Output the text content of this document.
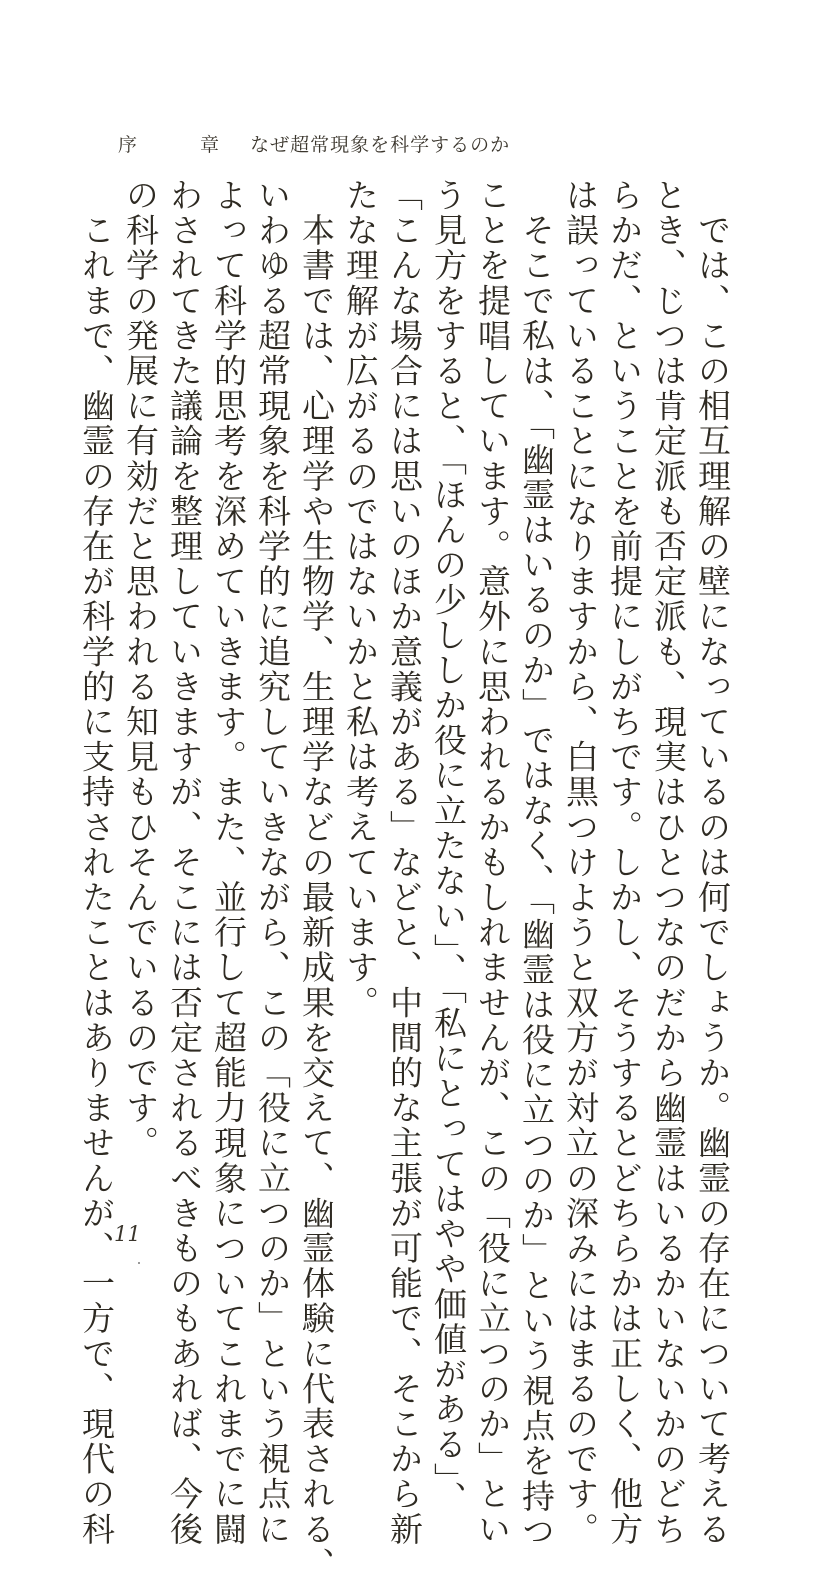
序　章 なぜ超常現象を科学するのか
　では、この相互理解の壁になっているのは何でしょうか。幽霊の存在について考える
とき、じつは肯定派も否定派も、現実はひとつなのだから幽霊はいるかいないかのどち
らかだ、ということを前提にしがちです。しかし、そうするとどちらかは正しく、他方
は誤っていることになりますから、白黒つけようと双方が対立の深みにはまるのです。
　そこで私は、「幽霊はいるのか」ではなく、「幽霊は役に立つのか」という視点を持つ
ことを提唱しています。意外に思われるかもしれませんが、この「役に立つのか」とい
う見方をすると、「ほんの少ししか役に立たない」、「私にとってはやや価値がある」、
「こんな場合には思いのほか意義がある」などと、中間的な主張が可能で、そこから新
たな理解が広がるのではないかと私は考えています。
　本書では、心理学や生物学、生理学などの最新成果を交えて、幽霊体験に代表される、
いわゆる超常現象を科学的に追究していきながら、この「役に立つのか」という視点に
よって科学的思考を深めていきます。また、並行して超能力現象についてこれまでに闘
わされてきた議論を整理していきますが、そこには否定されるべきものもあれば、今後
の科学の発展に有効だと思われる知見もひそんでいるのです。
　これまで、幽霊の存在が科学的に支持されたことはありませんが、一方で、現代の科
11
